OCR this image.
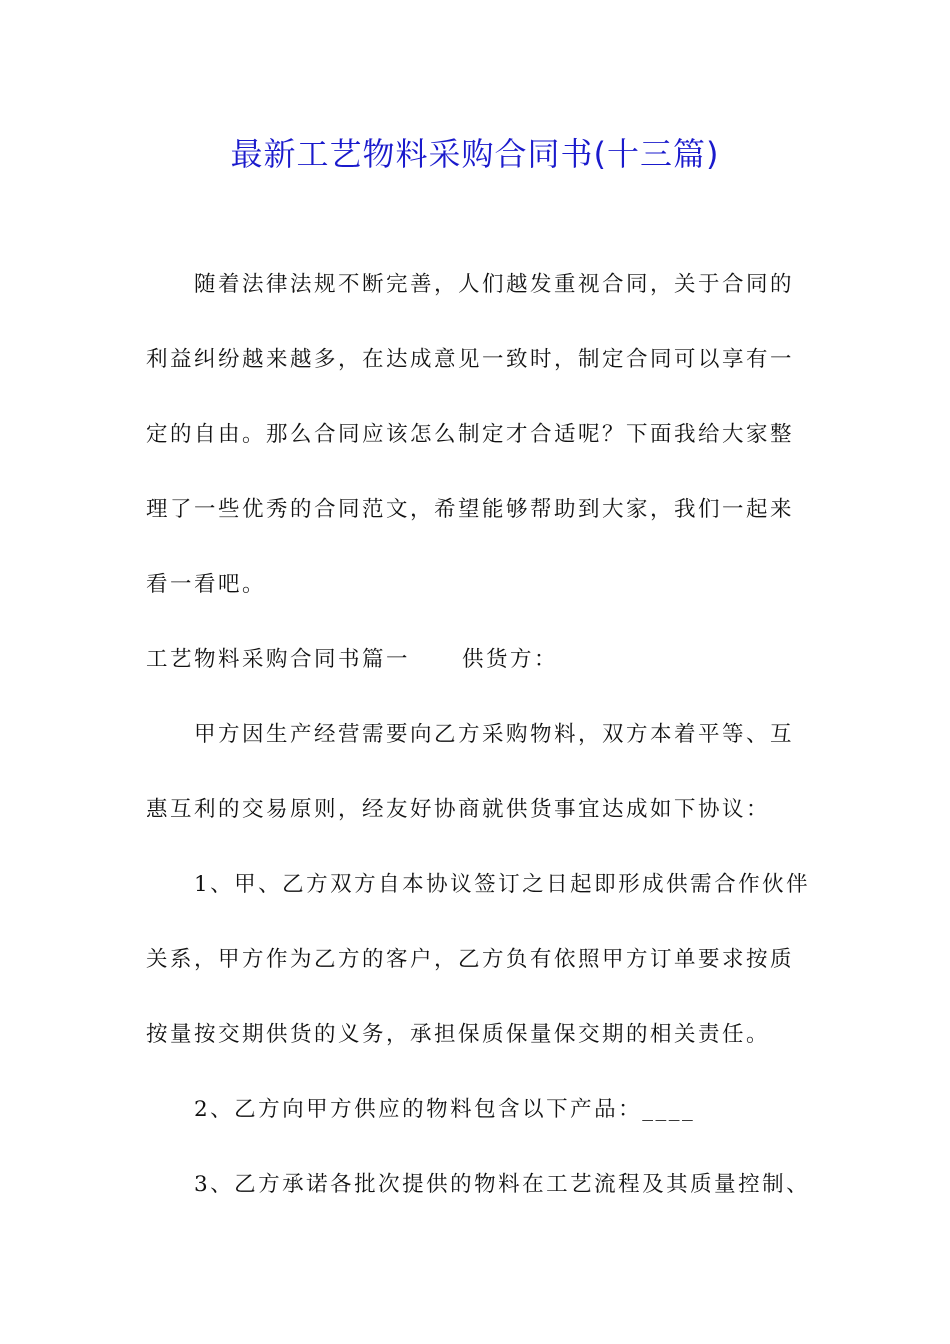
最新工艺物料采购合同书(十三篇)
随着法律法规不断完善，人们越发重视合同，关于合同的
利益纠纷越来越多，在达成意见一致时，制定合同可以享有一
定的自由。那么合同应该怎么制定才合适呢？下面我给大家整
理了一些优秀的合同范文，希望能够帮助到大家，我们一起来
看一看吧。
工艺物料采购合同书篇一 供货方：
甲方因生产经营需要向乙方采购物料，双方本着平等、互
惠互利的交易原则，经友好协商就供货事宜达成如下协议：
1、甲、乙方双方自本协议签订之日起即形成供需合作伙伴
关系，甲方作为乙方的客户，乙方负有依照甲方订单要求按质
按量按交期供货的义务，承担保质保量保交期的相关责任。
2、乙方向甲方供应的物料包含以下产品：____
3、乙方承诺各批次提供的物料在工艺流程及其质量控制、
